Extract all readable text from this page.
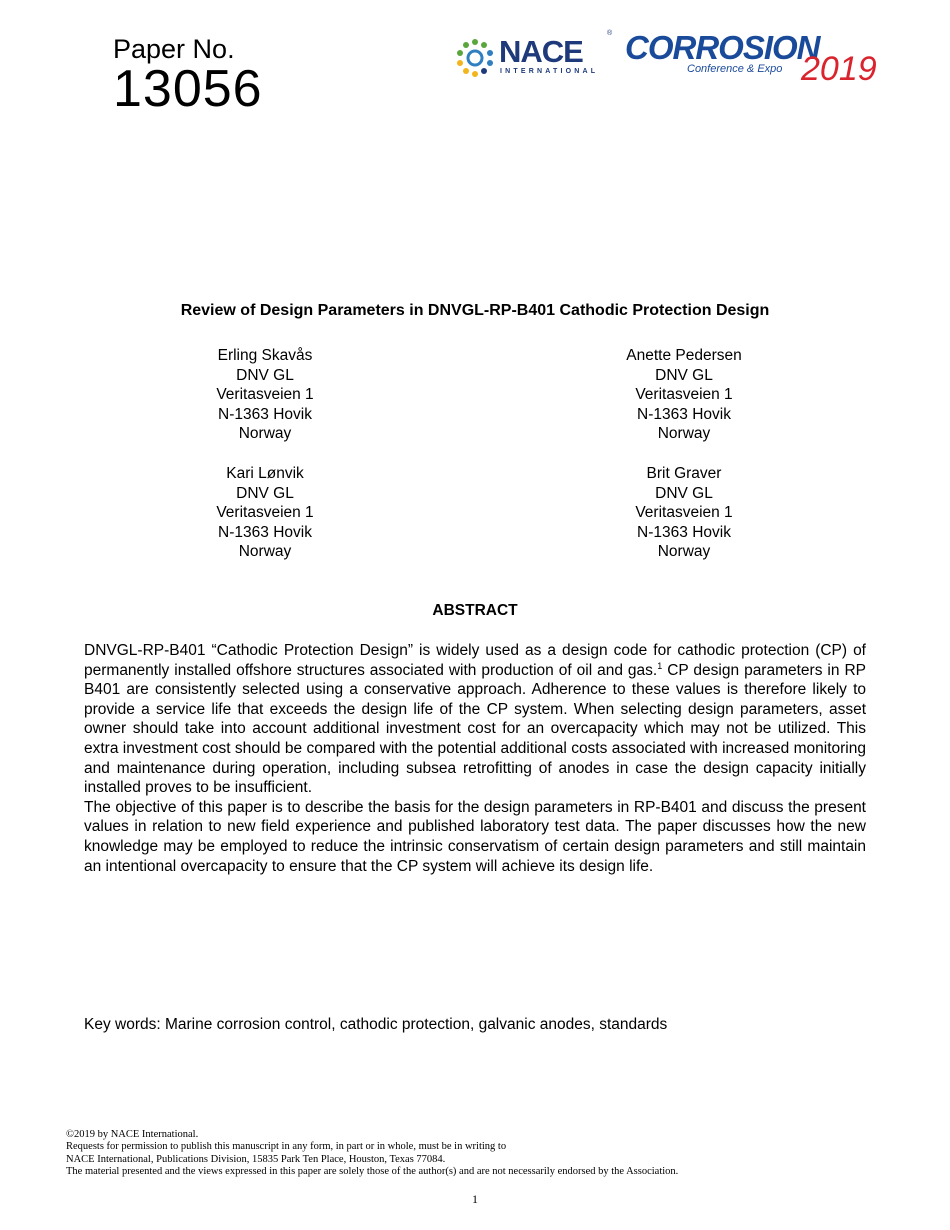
Paper No.
13056
NACE
®
INTERNATIONAL
CORROSION
Conference & Expo 2019
Review of Design Parameters in DNVGL-RP-B401 Cathodic Protection Design
Erling Skavås
DNV GL
Veritasveien 1
N-1363 Hovik
Norway
Anette Pedersen
DNV GL
Veritasveien 1
N-1363 Hovik
Norway
Kari Lønvik
DNV GL
Veritasveien 1
N-1363 Hovik
Norway
Brit Graver
DNV GL
Veritasveien 1
N-1363 Hovik
Norway
ABSTRACT

DNVGL-RP-B401 “Cathodic Protection Design” is widely used as a design code for cathodic protection (CP) of permanently installed offshore structures associated with production of oil and gas.$^1$ CP design parameters in RP B401 are consistently selected using a conservative approach. Adherence to these values is therefore likely to provide a service life that exceeds the design life of the CP system. When selecting design parameters, asset owner should take into account additional investment cost for an overcapacity which may not be utilized. This extra investment cost should be compared with the potential additional costs associated with increased monitoring and maintenance during operation, including subsea retrofitting of anodes in case the design capacity initially installed proves to be insufficient.

The objective of this paper is to describe the basis for the design parameters in RP-B401 and discuss the present values in relation to new field experience and published laboratory test data. The paper discusses how the new knowledge may be employed to reduce the intrinsic conservatism of certain design parameters and still maintain an intentional overcapacity to ensure that the CP system will achieve its design life.

Key words: Marine corrosion control, cathodic protection, galvanic anodes, standards
©2019 by NACE International.
Requests for permission to publish this manuscript in any form, in part or in whole, must be in writing to
NACE International, Publications Division, 15835 Park Ten Place, Houston, Texas 77084.
The material presented and the views expressed in this paper are solely those of the author(s) and are not necessarily endorsed by the Association.
1
